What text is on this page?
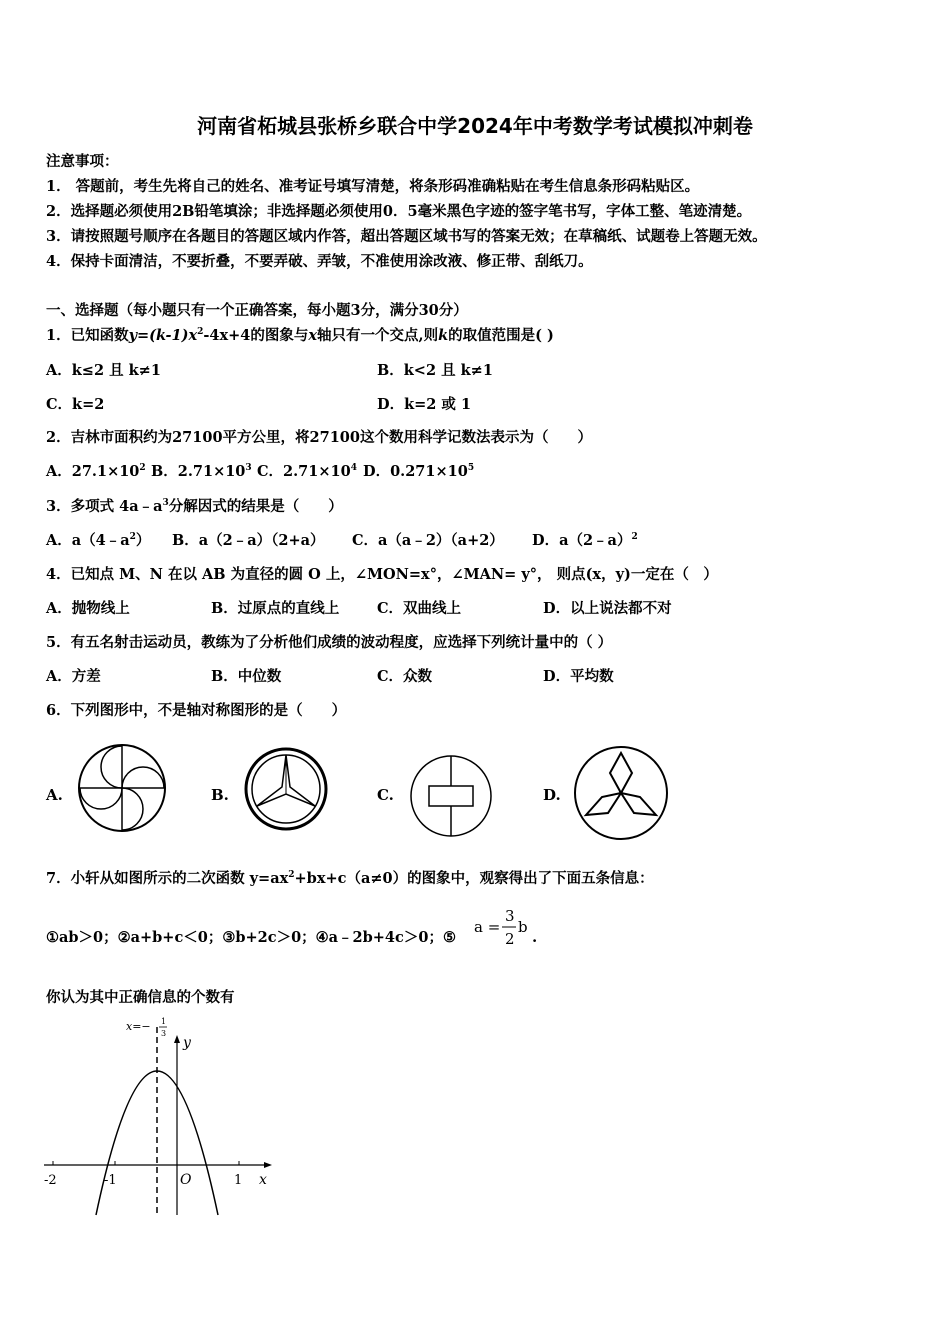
河南省柘城县张桥乡联合中学2024年中考数学考试模拟冲刺卷
注意事项：
1． 答题前，考生先将自己的姓名、准考证号填写清楚，将条形码准确粘贴在考生信息条形码粘贴区。
2．选择题必须使用2B铅笔填涂；非选择题必须使用0．5毫米黑色字迹的签字笔书写，字体工整、笔迹清楚。
3．请按照题号顺序在各题目的答题区域内作答，超出答题区域书写的答案无效；在草稿纸、试题卷上答题无效。
4．保持卡面清洁，不要折叠，不要弄破、弄皱，不准使用涂改液、修正带、刮纸刀。
一、选择题（每小题只有一个正确答案，每小题3分，满分30分）
1．已知函数$y=(k-1)x^2-4x+4$的图象与x轴只有一个交点,则k的取值范围是( )
A．k≤2 且 k≠1	B．k<2 且 k≠1
C．k=2	D．k=2 或 1
2．吉林市面积约为27100平方公里，将27100这个数用科学记数法表示为（　　）
A．$27.1\times 10^2$ B．$2.71\times 10^3$ C．$2.71\times 10^4$ D．$0.271\times 10^5$
3．多项式 $4a﹣a^3$分解因式的结果是（　　）
A．$a(4﹣a^2)$ B．a（2﹣a）（2+a） C．a（a﹣2）（a+2） D．a（2﹣a）$^2$
4．已知点 M、N 在以 AB 为直径的圆 O 上，∠MON=x°，∠MAN= y°， 则点(x，y)一定在（　）
A．抛物线上	B．过原点的直线上	C．双曲线上	D．以上说法都不对
5．有五名射击运动员，教练为了分析他们成绩的波动程度，应选择下列统计量中的（ ）
A．方差	B．中位数	C．众数	D．平均数
6．下列图形中，不是轴对称图形的是（　　）
A.	B.	C.	D.
7．小轩从如图所示的二次函数 $y=ax^2+bx+c(a\ne 0)$的图象中，观察得出了下面五条信息：
①ab＞0；②a+b+c＜0；③b+2c＞0；④a﹣2b+4c＞0；⑤
a =
3
2
b
.
你认为其中正确信息的个数有
-2	-1	1
O	x
y
x=− 1
3
